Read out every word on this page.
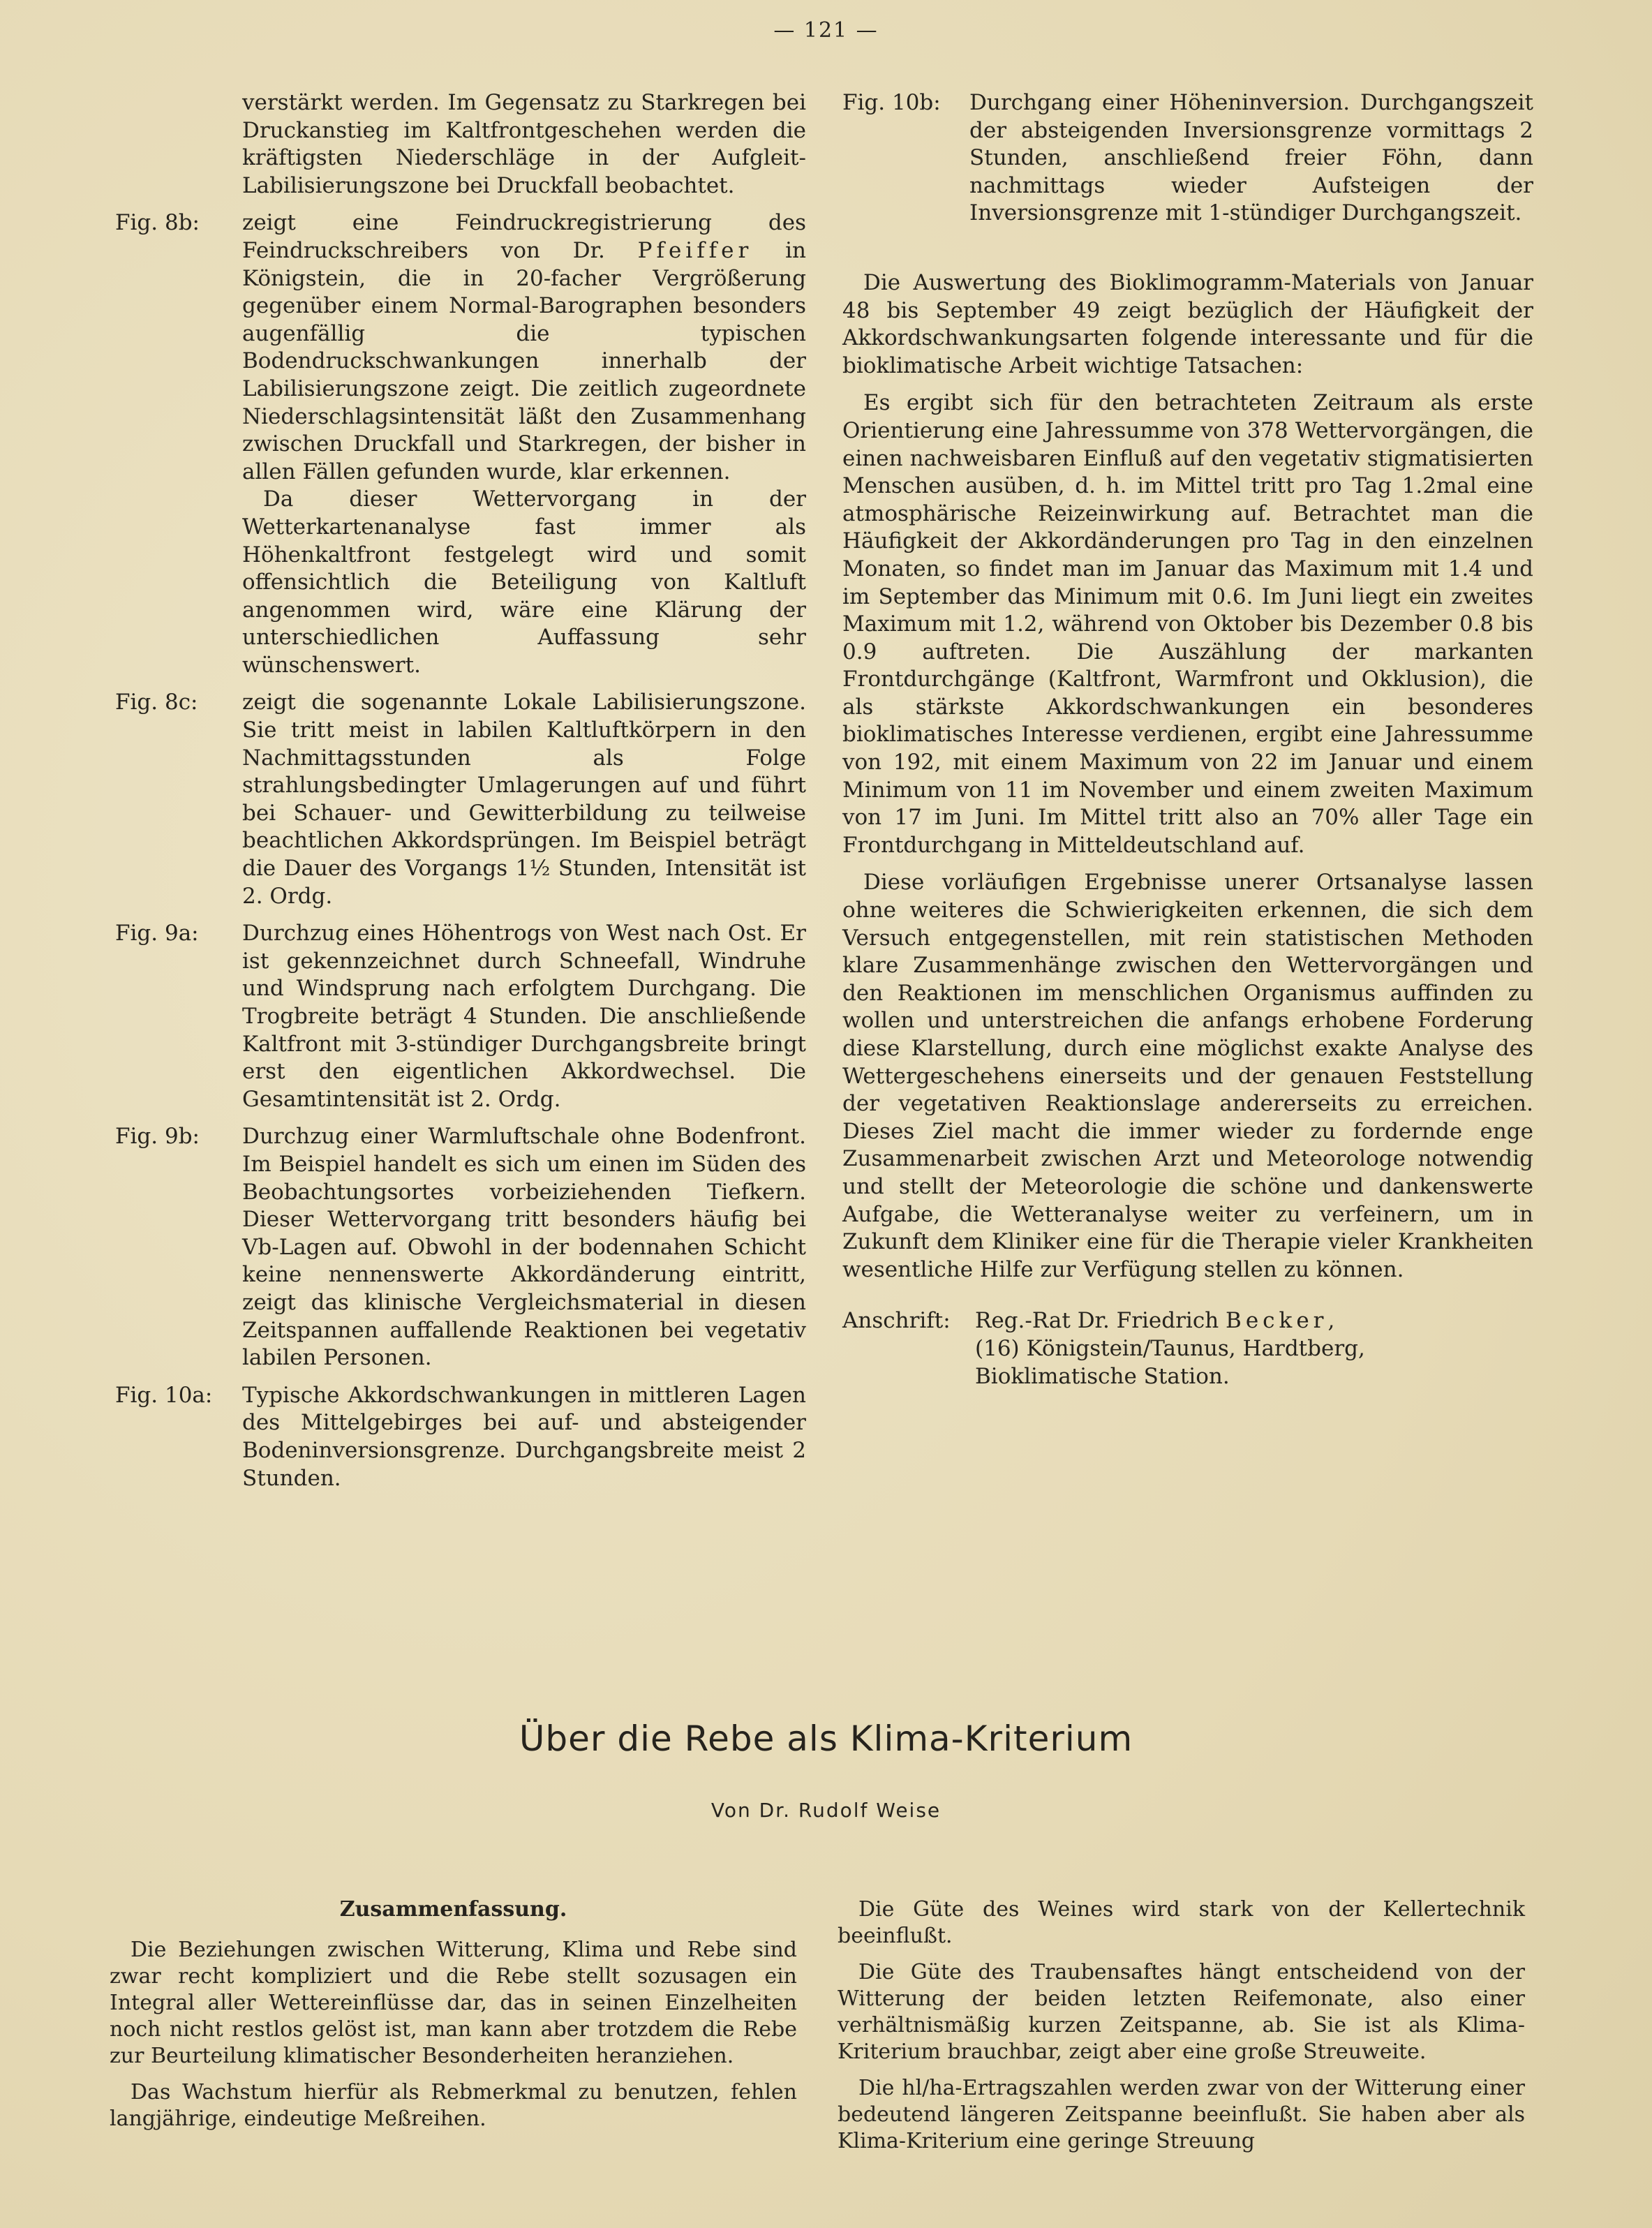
— 121 —

verstärkt werden. Im Gegensatz zu Starkregen bei Druckanstieg im Kaltfrontgeschehen werden die kräftigsten Niederschläge in der Aufgleit-Labilisierungszone bei Druckfall beobachtet.

Fig. 8b:	zeigt eine Feindruckregistrierung des Feindruckschreibers von Dr. Pfeiffer in Königstein, die in 20-facher Vergrößerung gegenüber einem Normal-Barographen besonders augenfällig die typischen Bodendruckschwankungen innerhalb der Labilisierungszone zeigt. Die zeitlich zugeordnete Niederschlagsintensität läßt den Zusammenhang zwischen Druckfall und Starkregen, der bisher in allen Fällen gefunden wurde, klar erkennen.

Da dieser Wettervorgang in der Wetterkartenanalyse fast immer als Höhenkaltfront festgelegt wird und somit offensichtlich die Beteiligung von Kaltluft angenommen wird, wäre eine Klärung der unterschiedlichen Auffassung sehr wünschenswert.

Fig. 8c:	zeigt die sogenannte Lokale Labilisierungszone. Sie tritt meist in labilen Kaltluftkörpern in den Nachmittagsstunden als Folge strahlungsbedingter Umlagerungen auf und führt bei Schauer- und Gewitterbildung zu teilweise beachtlichen Akkordsprüngen. Im Beispiel beträgt die Dauer des Vorgangs 1½ Stunden, Intensität ist 2. Ordg.
Fig. 9a:	Durchzug eines Höhentrogs von West nach Ost. Er ist gekennzeichnet durch Schneefall, Windruhe und Windsprung nach erfolgtem Durchgang. Die Trogbreite beträgt 4 Stunden. Die anschließende Kaltfront mit 3-stündiger Durchgangsbreite bringt erst den eigentlichen Akkordwechsel. Die Gesamtintensität ist 2. Ordg.
Fig. 9b:	Durchzug einer Warmluftschale ohne Bodenfront. Im Beispiel handelt es sich um einen im Süden des Beobachtungsortes vorbeiziehenden Tiefkern. Dieser Wettervorgang tritt besonders häufig bei Vb-Lagen auf. Obwohl in der bodennahen Schicht keine nennenswerte Akkordänderung eintritt, zeigt das klinische Vergleichsmaterial in diesen Zeitspannen auffallende Reaktionen bei vegetativ labilen Personen.
Fig. 10a:	Typische Akkordschwankungen in mittleren Lagen des Mittelgebirges bei auf- und absteigender Bodeninversionsgrenze. Durchgangsbreite meist 2 Stunden.
Fig. 10b:	Durchgang einer Höheninversion. Durchgangszeit der absteigenden Inversionsgrenze vormittags 2 Stunden, anschließend freier Föhn, dann nachmittags wieder Aufsteigen der Inversionsgrenze mit 1-stündiger Durchgangszeit.

Die Auswertung des Bioklimogramm-Materials von Januar 48 bis September 49 zeigt bezüglich der Häufigkeit der Akkordschwankungsarten folgende interessante und für die bioklimatische Arbeit wichtige Tatsachen:

Es ergibt sich für den betrachteten Zeitraum als erste Orientierung eine Jahressumme von 378 Wettervorgängen, die einen nachweisbaren Einfluß auf den vegetativ stigmatisierten Menschen ausüben, d. h. im Mittel tritt pro Tag 1.2mal eine atmosphärische Reizeinwirkung auf. Betrachtet man die Häufigkeit der Akkordänderungen pro Tag in den einzelnen Monaten, so findet man im Januar das Maximum mit 1.4 und im September das Minimum mit 0.6. Im Juni liegt ein zweites Maximum mit 1.2, während von Oktober bis Dezember 0.8 bis 0.9 auftreten. Die Auszählung der markanten Frontdurchgänge (Kaltfront, Warmfront und Okklusion), die als stärkste Akkordschwankungen ein besonderes bioklimatisches Interesse verdienen, ergibt eine Jahressumme von 192, mit einem Maximum von 22 im Januar und einem Minimum von 11 im November und einem zweiten Maximum von 17 im Juni. Im Mittel tritt also an 70% aller Tage ein Frontdurchgang in Mitteldeutschland auf.

Diese vorläufigen Ergebnisse unerer Ortsanalyse lassen ohne weiteres die Schwierigkeiten erkennen, die sich dem Versuch entgegenstellen, mit rein statistischen Methoden klare Zusammenhänge zwischen den Wettervorgängen und den Reaktionen im menschlichen Organismus auffinden zu wollen und unterstreichen die anfangs erhobene Forderung diese Klarstellung, durch eine möglichst exakte Analyse des Wettergeschehens einerseits und der genauen Feststellung der vegetativen Reaktionslage andererseits zu erreichen. Dieses Ziel macht die immer wieder zu fordernde enge Zusammenarbeit zwischen Arzt und Meteorologe notwendig und stellt der Meteorologie die schöne und dankenswerte Aufgabe, die Wetteranalyse weiter zu verfeinern, um in Zukunft dem Kliniker eine für die Therapie vieler Krankheiten wesentliche Hilfe zur Verfügung stellen zu können.

Anschrift:	Reg.-Rat Dr. Friedrich Becker,
(16) Königstein/Taunus, Hardtberg,
Bioklimatische Station.
Über die Rebe als Klima-Kriterium
Von Dr. Rudolf Weise
Zusammenfassung.

Die Beziehungen zwischen Witterung, Klima und Rebe sind zwar recht kompliziert und die Rebe stellt sozusagen ein Integral aller Wettereinflüsse dar, das in seinen Einzelheiten noch nicht restlos gelöst ist, man kann aber trotzdem die Rebe zur Beurteilung klimatischer Besonderheiten heranziehen.

Das Wachstum hierfür als Rebmerkmal zu benutzen, fehlen langjährige, eindeutige Meßreihen.

Die Güte des Weines wird stark von der Kellertechnik beeinflußt.

Die Güte des Traubensaftes hängt entscheidend von der Witterung der beiden letzten Reifemonate, also einer verhältnismäßig kurzen Zeitspanne, ab. Sie ist als Klima-Kriterium brauchbar, zeigt aber eine große Streuweite.

Die hl/ha-Ertragszahlen werden zwar von der Witterung einer bedeutend längeren Zeitspanne beeinflußt. Sie haben aber als Klima-Kriterium eine geringe Streuung
